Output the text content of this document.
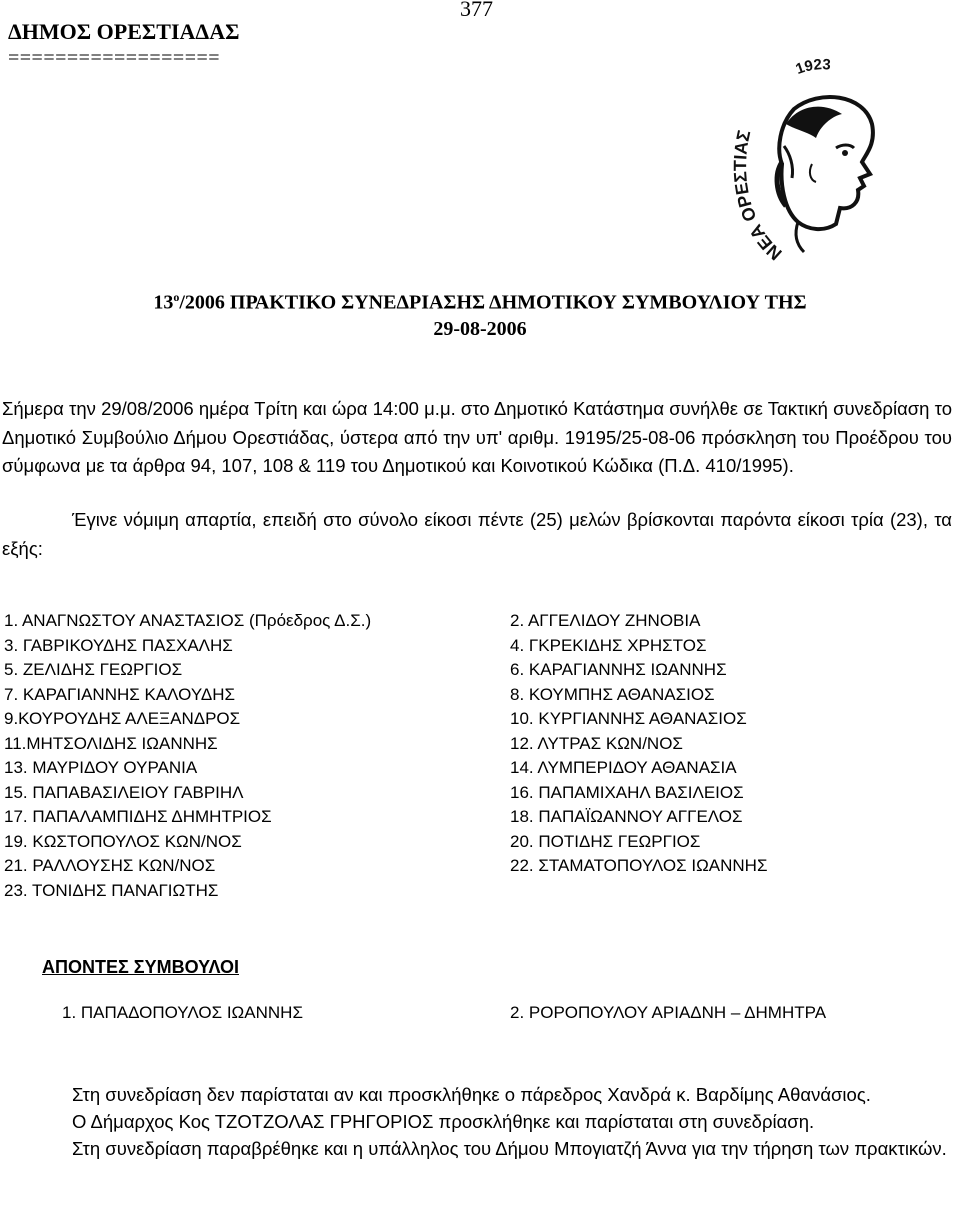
377
ΔΗΜΟΣ ΟΡΕΣΤΙΑΔΑΣ
==================	1923
ΝΕΑ ΟΡΕΣΤΙΑΣ
$13^o/2006$ ΠΡΑΚΤΙΚΟ ΣΥΝΕΔΡΙΑΣΗΣ ΔΗΜΟΤΙΚΟΥ ΣΥΜΒΟΥΛΙΟΥ ΤΗΣ
29-08-2006
Σήμερα την 29/08/2006 ημέρα Τρίτη και ώρα 14:00 μ.μ. στο Δημοτικό Κατάστημα συνήλθε σε Τακτική συνεδρίαση το Δημοτικό Συμβούλιο Δήμου Ορεστιάδας, ύστερα από την υπ' αριθμ. 19195/25-08-06 πρόσκληση του Προέδρου του σύμφωνα με τα άρθρα 94, 107, 108 & 119 του Δημοτικού και Κοινοτικού Κώδικα (Π.Δ. 410/1995).
Έγινε νόμιμη απαρτία, επειδή στο σύνολο είκοσι πέντε (25) μελών βρίσκονται παρόντα είκοσι τρία (23), τα εξής:
1. ΑΝΑΓΝΩΣΤΟΥ ΑΝΑΣΤΑΣΙΟΣ (Πρόεδρος Δ.Σ.)	2. ΑΓΓΕΛΙΔΟΥ ΖΗΝΟΒΙΑ
3. ΓΑΒΡΙΚΟΥΔΗΣ ΠΑΣΧΑΛΗΣ	4. ΓΚΡΕΚΙΔΗΣ ΧΡΗΣΤΟΣ
5. ΖΕΛΙΔΗΣ ΓΕΩΡΓΙΟΣ	6. ΚΑΡΑΓΙΑΝΝΗΣ ΙΩΑΝΝΗΣ
7. ΚΑΡΑΓΙΑΝΝΗΣ ΚΑΛΟΥΔΗΣ	8. ΚΟΥΜΠΗΣ ΑΘΑΝΑΣΙΟΣ
9.ΚΟΥΡΟΥΔΗΣ ΑΛΕΞΑΝΔΡΟΣ	10. ΚΥΡΓΙΑΝΝΗΣ ΑΘΑΝΑΣΙΟΣ
11.ΜΗΤΣΟΛΙΔΗΣ ΙΩΑΝΝΗΣ	12. ΛΥΤΡΑΣ ΚΩΝ/ΝΟΣ
13. ΜΑΥΡΙΔΟΥ ΟΥΡΑΝΙΑ	14. ΛΥΜΠΕΡΙΔΟΥ ΑΘΑΝΑΣΙΑ
15. ΠΑΠΑΒΑΣΙΛΕΙΟΥ ΓΑΒΡΙΗΛ	16. ΠΑΠΑΜΙΧΑΗΛ ΒΑΣΙΛΕΙΟΣ
17. ΠΑΠΑΛΑΜΠΙΔΗΣ ΔΗΜΗΤΡΙΟΣ	18. ΠΑΠΑΪΩΑΝΝΟΥ ΑΓΓΕΛΟΣ
19. ΚΩΣΤΟΠΟΥΛΟΣ ΚΩΝ/ΝΟΣ	20. ΠΟΤΙΔΗΣ ΓΕΩΡΓΙΟΣ
21. ΡΑΛΛΟΥΣΗΣ ΚΩΝ/ΝΟΣ	22. ΣΤΑΜΑΤΟΠΟΥΛΟΣ ΙΩΑΝΝΗΣ
23. ΤΟΝΙΔΗΣ ΠΑΝΑΓΙΩΤΗΣ
ΑΠΟΝΤΕΣ ΣΥΜΒΟΥΛΟΙ
1. ΠΑΠΑΔΟΠΟΥΛΟΣ ΙΩΑΝΝΗΣ	2. ΡΟΡΟΠΟΥΛΟΥ ΑΡΙΑΔΝΗ – ΔΗΜΗΤΡΑ

Στη συνεδρίαση δεν παρίσταται αν και προσκλήθηκε ο πάρεδρος Χανδρά κ. Βαρδίμης Αθανάσιος.

Ο Δήμαρχος Κος ΤΖΟΤΖΟΛΑΣ ΓΡΗΓΟΡΙΟΣ προσκλήθηκε και παρίσταται στη συνεδρίαση.

Στη συνεδρίαση παραβρέθηκε και η υπάλληλος του Δήμου Μπογιατζή Άννα για την τήρηση των πρακτικών.
